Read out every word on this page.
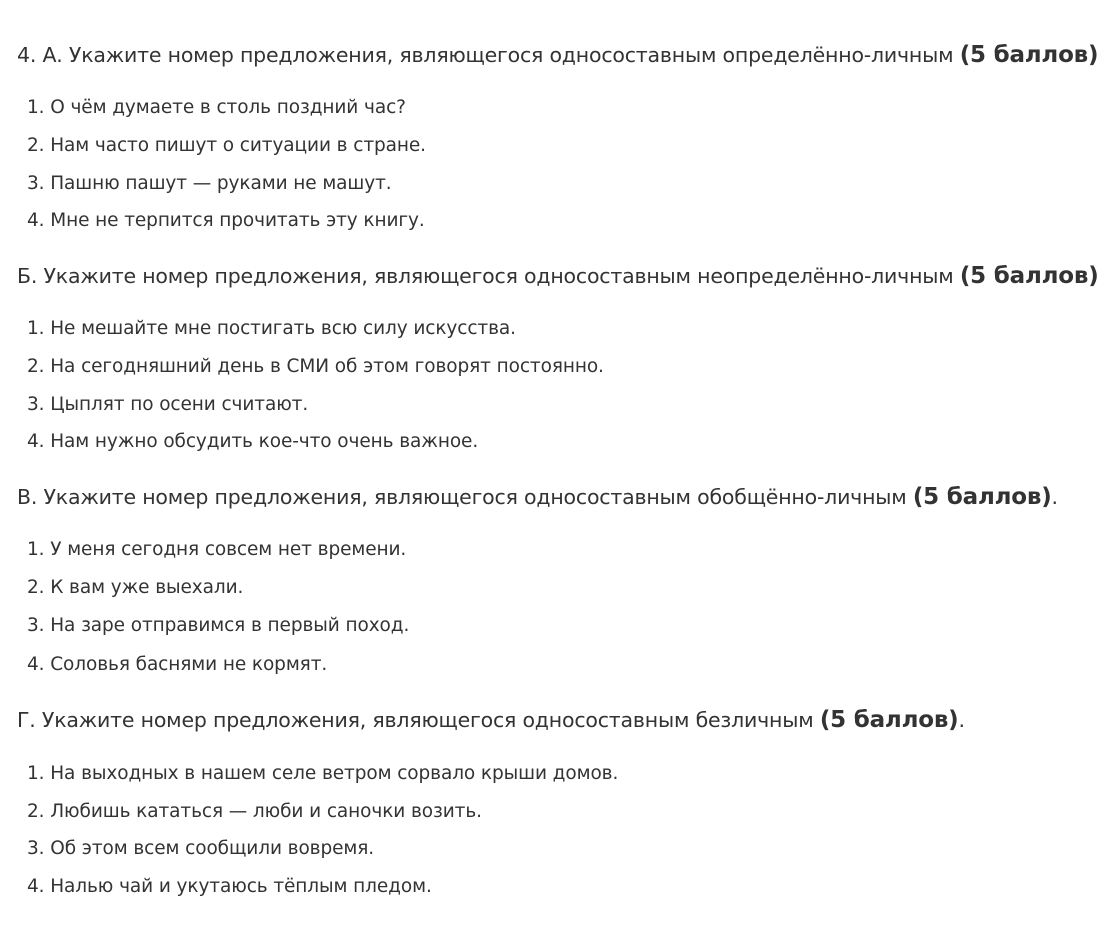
4. А. Укажите номер предложения, являющегося односоставным определённо-личным (5 баллов)
1. О чём думаете в столь поздний час?
2. Нам часто пишут о ситуации в стране.
3. Пашню пашут — руками не машут.
4. Мне не терпится прочитать эту книгу.
Б. Укажите номер предложения, являющегося односоставным неопределённо-личным (5 баллов)
1. Не мешайте мне постигать всю силу искусства.
2. На сегодняшний день в СМИ об этом говорят постоянно.
3. Цыплят по осени считают.
4. Нам нужно обсудить кое-что очень важное.
В. Укажите номер предложения, являющегося односоставным обобщённо-личным (5 баллов).
1. У меня сегодня совсем нет времени.
2. К вам уже выехали.
3. На заре отправимся в первый поход.
4. Соловья баснями не кормят.
Г. Укажите номер предложения, являющегося односоставным безличным (5 баллов).
1. На выходных в нашем селе ветром сорвало крыши домов.
2. Любишь кататься — люби и саночки возить.
3. Об этом всем сообщили вовремя.
4. Налью чай и укутаюсь тёплым пледом.
